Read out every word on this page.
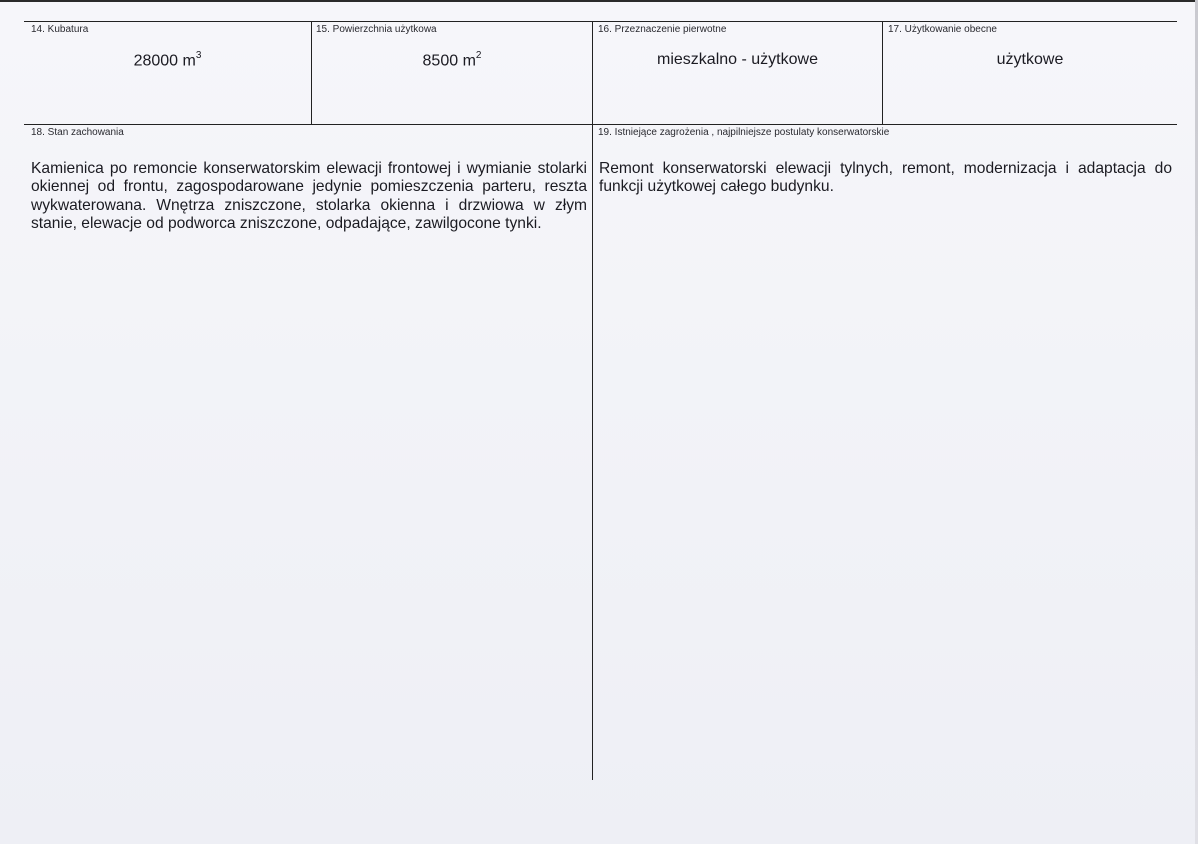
14. Kubatura
28000 $m^3$
15. Powierzchnia użytkowa
8500 $m^2$
16. Przeznaczenie pierwotne
mieszkalno - użytkowe
17. Użytkowanie obecne
użytkowe
18. Stan zachowania
Kamienica po remoncie konserwatorskim elewacji frontowej i wymianie stolarki okiennej od frontu, zagospodarowane jedynie pomieszczenia parteru, reszta wykwaterowana. Wnętrza zniszczone, stolarka okienna i drzwiowa w złym stanie, elewacje od podworca zniszczone, odpadające, zawilgocone tynki.
19. Istniejące zagrożenia , najpilniejsze postulaty konserwatorskie
Remont konserwatorski elewacji tylnych, remont, modernizacja i adaptacja do funkcji użytkowej całego budynku.
